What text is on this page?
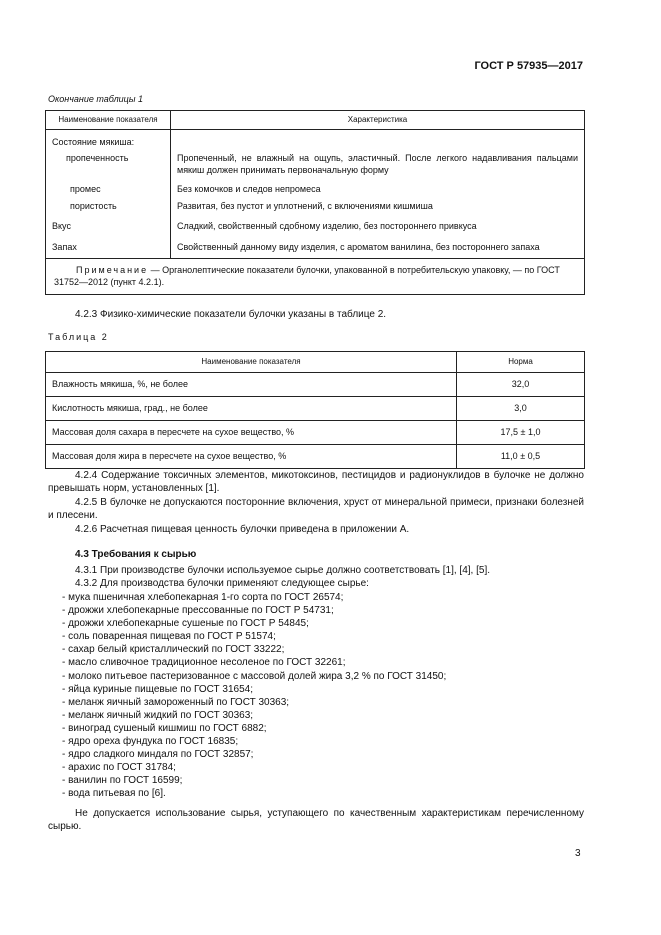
ГОСТ Р 57935—2017
Окончание таблицы 1
Наименование показателя	Характеристика
Состояние мякиша:	
пропеченность	Пропеченный, не влажный на ощупь, эластичный. После легкого надавливания пальцами мякиш должен принимать первоначальную форму
промес	Без комочков и следов непромеса
пористость	Развитая, без пустот и уплотнений, с включениями кишмиша
Вкус	Сладкий, свойственный сдобному изделию, без постороннего привкуса
Запах	Свойственный данному виду изделия, с ароматом ванилина, без постороннего запаха
Примечание — Органолептические показатели булочки, упакованной в потребительскую упаковку, — по ГОСТ 31752—2012 (пункт 4.2.1).	
4.2.3 Физико-химические показатели булочки указаны в таблице 2.
Таблица 2
Наименование показателя	Норма
Влажность мякиша, %, не более	32,0
Кислотность мякиша, град., не более	3,0
Массовая доля сахара в пересчете на сухое вещество, %	17,5 ± 1,0
Массовая доля жира в пересчете на сухое вещество, %	11,0 ± 0,5
4.2.4 Содержание токсичных элементов, микотоксинов, пестицидов и радионуклидов в булочке не должно превышать норм, установленных [1].
4.2.5 В булочке не допускаются посторонние включения, хруст от минеральной примеси, признаки болезней и плесени.
4.2.6 Расчетная пищевая ценность булочки приведена в приложении А.
4.3 Требования к сырью
4.3.1 При производстве булочки используемое сырье должно соответствовать [1], [4], [5].
4.3.2 Для производства булочки применяют следующее сырье:
- мука пшеничная хлебопекарная 1-го сорта по ГОСТ 26574;
- дрожжи хлебопекарные прессованные по ГОСТ Р 54731;
- дрожжи хлебопекарные сушеные по ГОСТ Р 54845;
- соль поваренная пищевая по ГОСТ Р 51574;
- сахар белый кристаллический по ГОСТ 33222;
- масло сливочное традиционное несоленое по ГОСТ 32261;
- молоко питьевое пастеризованное с массовой долей жира 3,2 % по ГОСТ 31450;
- яйца куриные пищевые по ГОСТ 31654;
- меланж яичный замороженный по ГОСТ 30363;
- меланж яичный жидкий по ГОСТ 30363;
- виноград сушеный кишмиш по ГОСТ 6882;
- ядро ореха фундука по ГОСТ 16835;
- ядро сладкого миндаля по ГОСТ 32857;
- арахис по ГОСТ 31784;
- ванилин по ГОСТ 16599;
- вода питьевая по [6].
Не допускается использование сырья, уступающего по качественным характеристикам перечисленному сырью.
3
